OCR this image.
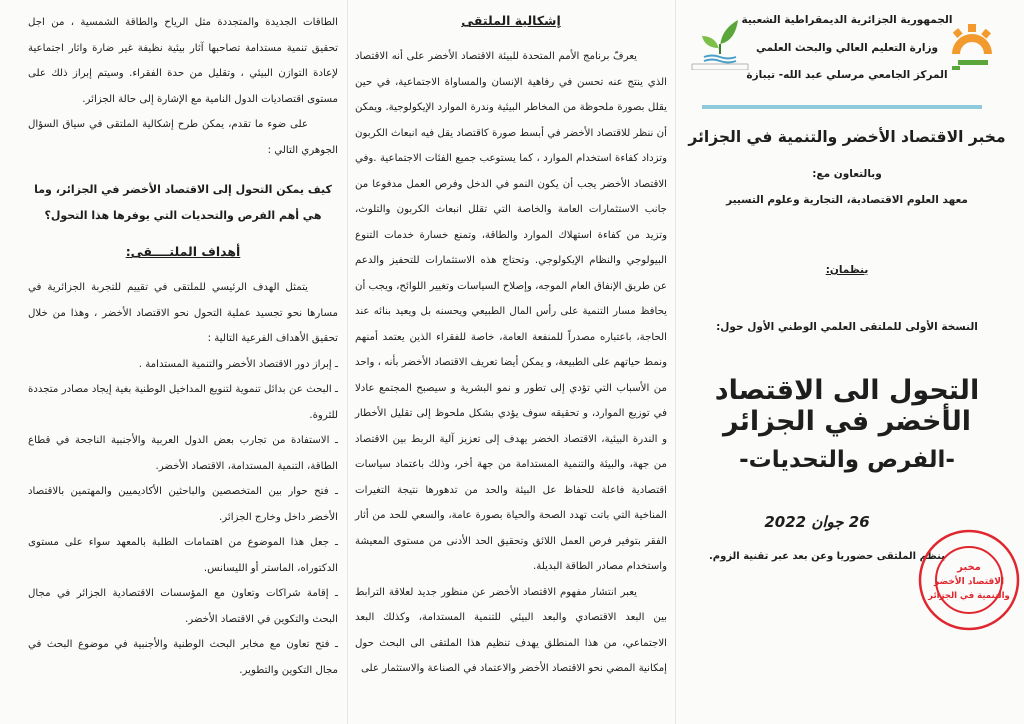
الطاقات الجديدة والمتجددة مثل الرياح والطاقة الشمسية ، من اجل تحقيق تنمية مستدامة تصاحبها آثار بيئية نظيفة غير ضارة واثار اجتماعية لإعادة التوازن البيئي ، وتقليل من حدة الفقراء. وسيتم إبراز ذلك على مستوى اقتصاديات الدول النامية مع الإشارة إلى حالة الجزائر.

على ضوء ما تقدم، يمكن طرح إشكالية الملتقى في سياق السؤال الجوهري التالي :

كيف يمكن التحول إلى الاقتصاد الأخضر في الجزائر، وما هي أهم الفرص والتحديات التي يوفرها هذا التحول؟

أهداف الملتــــقى:

يتمثل الهدف الرئيسي للملتقى في تقييم للتجربة الجزائرية في مسارها نحو تجسيد عملية التحول نحو الاقتصاد الأخضر ، وهذا من خلال تحقيق الأهداف الفرعية التالية :

ـ إبراز دور الاقتصاد الأخضر والتنمية المستدامة .

ـ البحث عن بدائل تنموية لتنويع المداخيل الوطنية بغية إيجاد مصادر متجددة للثروة.

ـ الاستفادة من تجارب بعض الدول العربية والأجنبية الناجحة في قطاع الطاقة، التنمية المستدامة، الاقتصاد الأخضر.

ـ فتح حوار بين المتخصصين والباحثين الأكاديميين والمهتمين بالاقتصاد الأخضر داخل وخارج الجزائر.

ـ جعل هذا الموضوع من اهتمامات الطلبة بالمعهد سواء على مستوى الدكتوراه، الماستر أو الليسانس.

ـ إقامة شراكات وتعاون مع المؤسسات الاقتصادية الجزائر في مجال البحث والتكوين في الاقتصاد الأخضر.

ـ فتح تعاون مع مخابر البحث الوطنية والأجنبية في موضوع البحث في مجال التكوين والتطوير.

إشكالية الملتقى

يعرفّ برنامج الأمم المتحدة للبيئة الاقتصاد الأخضر على أنه الاقتصاد الذي ينتج عنه تحسن في رفاهية الإنسان والمساواة الاجتماعية، في حين يقلل بصورة ملحوظة من المخاطر البيئية وندرة الموارد الإيكولوجية. ويمكن أن ننظر للاقتصاد الأخضر في أبسط صورة كاقتصاد يقل فيه انبعاث الكربون وتزداد كفاءة استخدام الموارد ، كما يستوعب جميع الفئات الاجتماعية .وفي الاقتصاد الأخضر يجب أن يكون النمو في الدخل وفرص العمل مدفوعا من جانب الاستثمارات العامة والخاصة التي تقلل انبعاث الكربون والتلوث، وتزيد من كفاءة استهلاك الموارد والطاقة، وتمنع خسارة خدمات التنوع البيولوجي والنظام الإيكولوجي. وتحتاج هذه الاستثمارات للتحفيز والدعم عن طريق الإنفاق العام الموجه، وإصلاح السياسات وتغيير اللوائح، ويجب أن يحافظ مسار التنمية على رأس المال الطبيعي ويحسنه بل ويعيد بنائه عند الحاجة، باعتباره مصدراً للمنفعة العامة، خاصة للفقراء الذين يعتمد أمنهم ونمط حياتهم على الطبيعة، و يمكن أيضا تعريف الاقتصاد الأخضر بأنه ، واحد من الأسباب التي تؤدي إلى تطور و نمو البشرية و سيصبح المجتمع عادلا في توزيع الموارد، و تحقيقه سوف يؤدي بشكل ملحوظ إلى تقليل الأخطار و الندرة البيئية، الاقتصاد الخضر يهدف إلى تعزيز آلية الربط بين الاقتصاد من جهة، والبيئة والتنمية المستدامة من جهة أخر، وذلك باعتماد سياسات اقتصادية فاعلة للحفاظ عل البيئة والحد من تدهورها نتيجة التغيرات المناخية التي باتت تهدد الصحة والحياة بصورة عامة، والسعي للحد من أثار الفقر بتوفير فرص العمل اللائق وتحقيق الحد الأدنى من مستوى المعيشة واستخدام مصادر الطاقة البديلة.

يعبر انتشار مفهوم الاقتصاد الأخضر عن منظور جديد لعلاقة الترابط بين البعد الاقتصادي والبعد البيئي للتنمية المستدامة، وكذلك البعد الاجتماعي، من هذا المنطلق يهدف تنظيم هذا الملتقى الى البحث حول إمكانية المضي نحو الاقتصاد الأخضر والاعتماد في الصناعة والاستثمار على

الجمهورية الجزائرية الديمقراطية الشعبية
وزارة التعليم العالي والبحث العلمي
المركز الجامعي مرسلي عبد الله- تيبازة
مخبر الاقتصاد الأخضر والتنمية في الجزائر
وبالتعاون مع:
معهد العلوم الاقتصادية، التجارية وعلوم التسيير
ينظمان:
النسخة الأولى للملتقى العلمي الوطني الأول حول:
التحول الى الاقتصاد الأخضر في الجزائر
-الفرص والتحديات-
26 جوان 2022
ينظم الملتقى حضوريا وعن بعد عبر تقنية الزوم.
مخبر
الاقتصاد الأخضر
والتنمية في الجزائر
